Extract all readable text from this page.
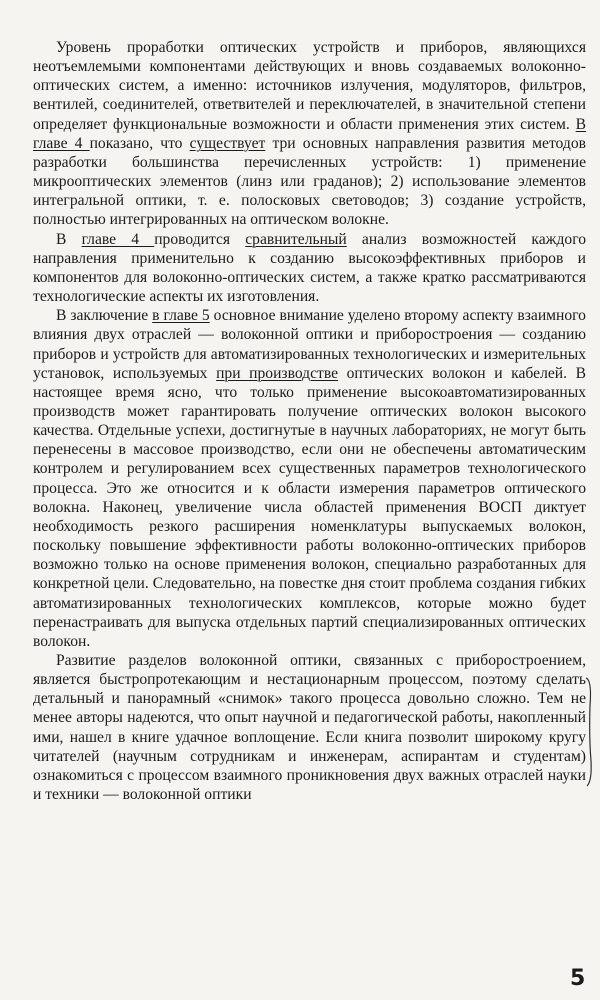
Уровень проработки оптических устройств и приборов, являющихся неотъемлемыми компонентами действующих и вновь создаваемых волоконно-оптических систем, а именно: источников излучения, модуляторов, фильтров, вентилей, соединителей, ответвителей и переключателей, в значительной степени определяет функциональные возможности и области применения этих систем. В главе 4 показано, что существует три основных направления развития методов разработки большинства перечисленных устройств: 1) применение микрооптических элементов (линз или граданов); 2) использование элементов интегральной оптики, т. е. полосковых световодов; 3) создание устройств, полностью интегрированных на оптическом волокне.

В главе 4 проводится сравнительный анализ возможностей каждого направления применительно к созданию высокоэффективных приборов и компонентов для волоконно-оптических систем, а также кратко рассматриваются технологические аспекты их изготовления.

В заключение в главе 5 основное внимание уделено второму аспекту взаимного влияния двух отраслей — волоконной оптики и приборостроения — созданию приборов и устройств для автоматизированных технологических и измерительных установок, используемых при производстве оптических волокон и кабелей. В настоящее время ясно, что только применение высокоавтоматизированных производств может гарантировать получение оптических волокон высокого качества. Отдельные успехи, достигнутые в научных лабораториях, не могут быть перенесены в массовое производство, если они не обеспечены автоматическим контролем и регулированием всех существенных параметров технологического процесса. Это же относится и к области измерения параметров оптического волокна. Наконец, увеличение числа областей применения ВОСП диктует необходимость резкого расширения номенклатуры выпускаемых волокон, поскольку повышение эффективности работы волоконно-оптических приборов возможно только на основе применения волокон, специально разработанных для конкретной цели. Следовательно, на повестке дня стоит проблема создания гибких автоматизированных технологических комплексов, которые можно будет перенастраивать для выпуска отдельных партий специализированных оптических волокон.

Развитие разделов волоконной оптики, связанных с приборостроением, является быстропротекающим и нестационарным процессом, поэтому сделать детальный и панорамный «снимок» такого процесса довольно сложно. Тем не менее авторы надеются, что опыт научной и педагогической работы, накопленный ими, нашел в книге удачное воплощение. Если книга позволит широкому кругу читателей (научным сотрудникам и инженерам, аспирантам и студентам) ознакомиться с процессом взаимного проникновения двух важных отраслей науки и техники — волоконной оптики

5
